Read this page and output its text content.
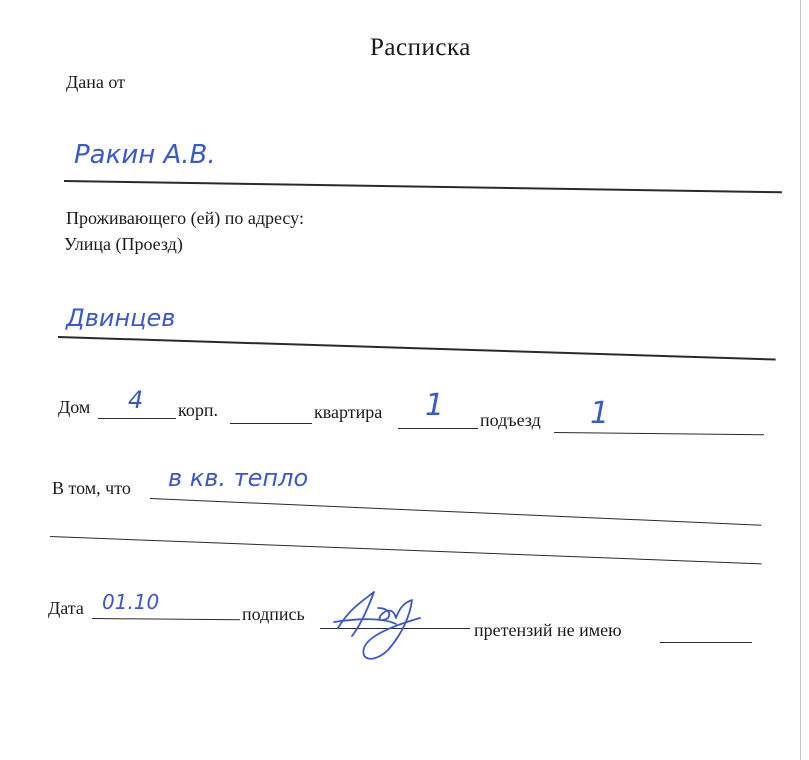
Расписка
Дана от
Ракин А.В.
Проживающего (ей) по адресу:
Улица (Проезд)
Двинцев
Дом 4 корп.	квартира 1 подъезд 1
В том, что в кв. тепло
Дата 01.10	подпись
претензий не имею
